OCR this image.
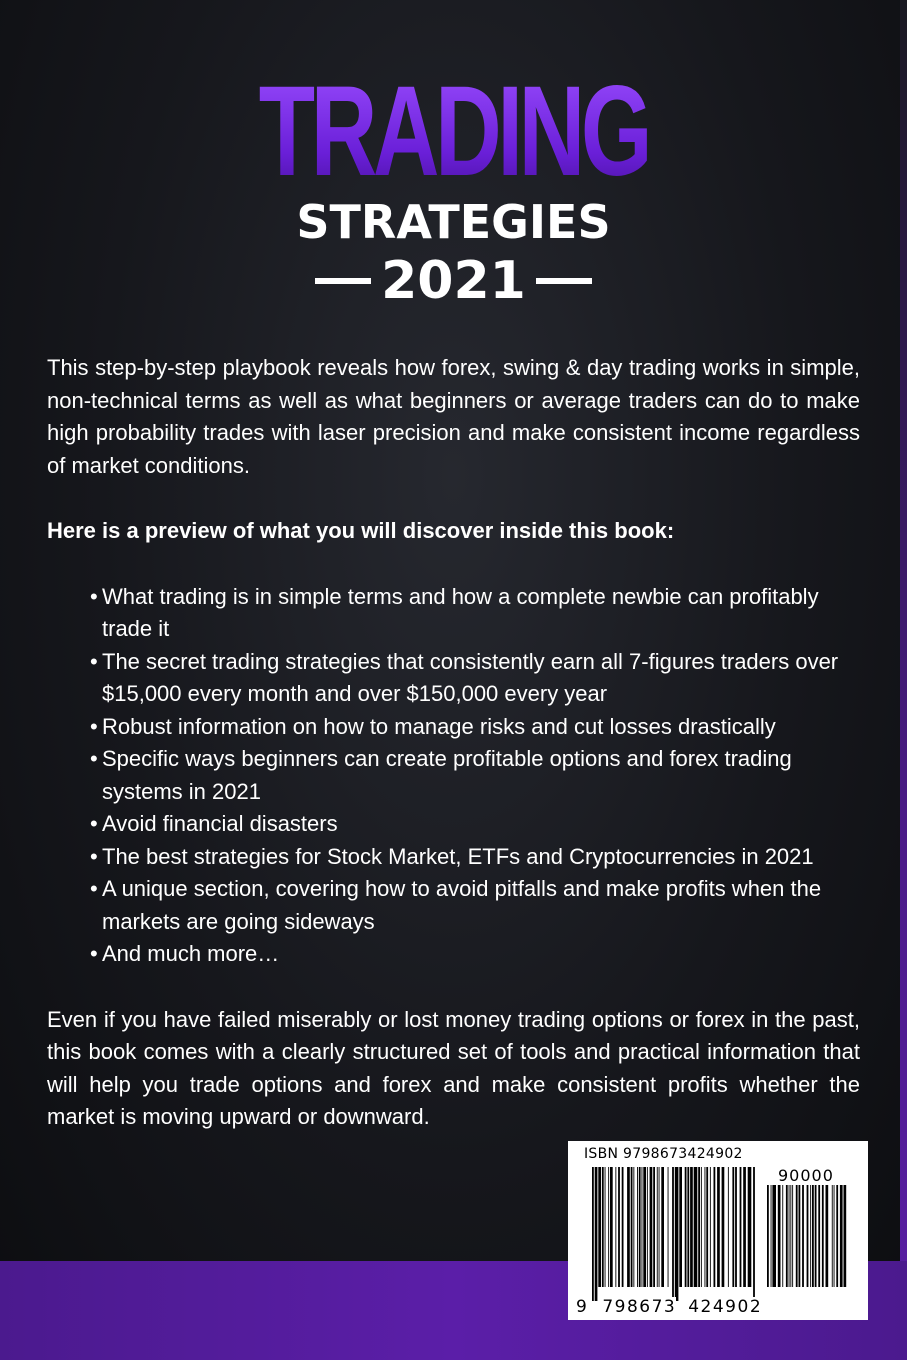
TRADING
STRATEGIES
2021

This step-by-step playbook reveals how forex, swing & day trading works in simple, non-technical terms as well as what beginners or average traders can do to make high probability trades with laser precision and make consistent income regardless of market conditions.

Here is a preview of what you will discover inside this book:

• What trading is in simple terms and how a complete newbie can profitably trade it
• The secret trading strategies that consistently earn all 7-figures traders over $15,000 every month and over $150,000 every year
• Robust information on how to manage risks and cut losses drastically
• Specific ways beginners can create profitable options and forex trading systems in 2021
• Avoid financial disasters
• The best strategies for Stock Market, ETFs and Cryptocurrencies in 2021
• A unique section, covering how to avoid pitfalls and make profits when the markets are going sideways
• And much more…

Even if you have failed miserably or lost money trading options or forex in the past, this book comes with a clearly structured set of tools and practical information that will help you trade options and forex and make consistent profits whether the market is moving upward or downward.

ISBN 9798673424902
90000
9 798673 424902
